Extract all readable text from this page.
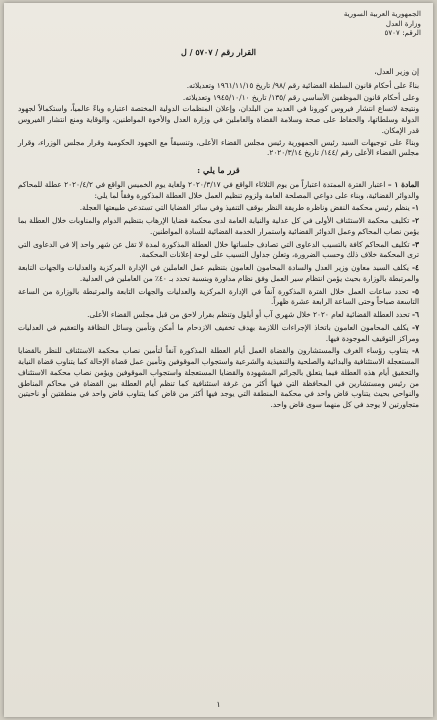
الجمهورية العربية السورية
وزارة العدل
الرقم: ٥٧٠٧
القرار رقم / ٥٧٠٧ / ل

إن وزير العدل،

بناءً على أحكام قانون السلطة القضائية رقم /٩٨/ تاريخ ١٩٦١/١١/١٥ وتعديلاته.

وعلى أحكام قانون الموظفين الأساسي رقم /١٣٥/ تاريخ ١٩٤٥/١٠/١٠ وتعديلاته.

ونتيجة لاتساع انتشار فيروس كورونا في العديد من البلدان، وإعلان المنظمات الدولية المختصة اعتباره وباءً عالمياً، واستكمالاً لجهود الدولة وسلطاتها، والحفاظ على صحة وسلامة القضاة والعاملين في وزارة العدل والأخوة المواطنين، والوقاية ومنع انتشار الفيروس قدر الإمكان.

وبناءً على توجيهات السيد رئيس الجمهورية رئيس مجلس القضاء الأعلى، وتنسيقاً مع الجهود الحكومية وقرار مجلس الوزراء، وقرار مجلس القضاء الأعلى رقم /١٤٤/ تاريخ ٢٠٢٠/٣/١٤.

قرر ما يلي :

المادة ١ – اعتبار الفترة الممتدة اعتباراً من يوم الثلاثاء الواقع في ٢٠٢٠/٣/١٧ ولغاية يوم الخميس الواقع في ٢٠٢٠/٤/٢ عطلة للمحاكم والدوائر القضائية، وبناء على دواعي المصلحة العامة ولزوم تنظيم العمل خلال العطلة المذكورة وفقاً لما يلي:

١- ينظم رئيس محكمة النقض وناظره طريقة النظر بوقف التنفيذ وفي سائر القضايا التي تستدعي طبيعتها العجلة.

٢- تكليف محكمة الاستئناف الأولى في كل عدلية والنيابة العامة لدى محكمة قضايا الإرهاب بتنظيم الدوام والمناوبات خلال العطلة بما يؤمن نصاب المحاكم وعمل الدوائر القضائية واستمرار الخدمة القضائية للسادة المواطنين.

٣- تكليف المحاكم كافة بالتسيب الدعاوى التي تصادف جلساتها خلال العطلة المذكورة لمدة لا تقل عن شهر واحد إلا في الدعاوى التي ترى المحكمة خلاف ذلك وحسب الضرورة، وتعلن جداول التسيب على لوحة إعلانات المحكمة.

٤- يكلف السيد معاون وزير العدل والسادة المحامون العامون بتنظيم عمل العاملين في الإدارة المركزية والعدليات والجهات التابعة والمرتبطة بالوزارة بحيث يؤمن انتظام سير العمل وفق نظام مداورة وبنسبة تحدد بـ ٤٠٪ من العاملين في العدلية.

٥- تحدد ساعات العمل خلال الفترة المذكورة آنفاً في الإدارة المركزية والعدليات والجهات التابعة والمرتبطة بالوزارة من الساعة التاسعة صباحاً وحتى الساعة الرابعة عشرة ظهراً.

٦- تحدد العطلة القضائية لعام ٢٠٢٠ خلال شهري آب أو أيلول وتنظم بقرار لاحق من قبل مجلس القضاء الأعلى.

٧- يكلف المحامون العامون باتخاذ الإجراءات اللازمة بهدف تخفيف الازدحام ما أمكن وتأمين وسائل النظافة والتعقيم في العدليات ومراكز التوقيف الموجودة فيها.

٨- يتناوب رؤساء الغرف والمستشارون والقضاة العمل أيام العطلة المذكورة آنفاً لتأمين نصاب محكمة الاستئناف للنظر بالقضايا المستعجلة الاستئنافية والبدائية والصلحية والتنفيذية والشرعية واستجواب الموقوفين وتأمين عمل قضاة الإحالة كما يتناوب قضاة النيابة والتحقيق أيام هذه العطلة فيما يتعلق بالجرائم المشهودة والقضايا المستعجلة واستجواب الموقوفين ويؤمن نصاب محكمة الاستئناف من رئيس ومستشارين في المحافظة التي فيها أكثر من غرفة استئنافية كما تنظم أيام العطلة بين القضاة في محاكم المناطق والنواحي بحيث يتناوب قاض واحد في محكمة المنطقة التي يوجد فيها أكثر من قاض كما يتناوب قاض واحد في منطقتين أو ناحيتين متجاورتين لا يوجد في كل منهما سوى قاض واحد.

١
